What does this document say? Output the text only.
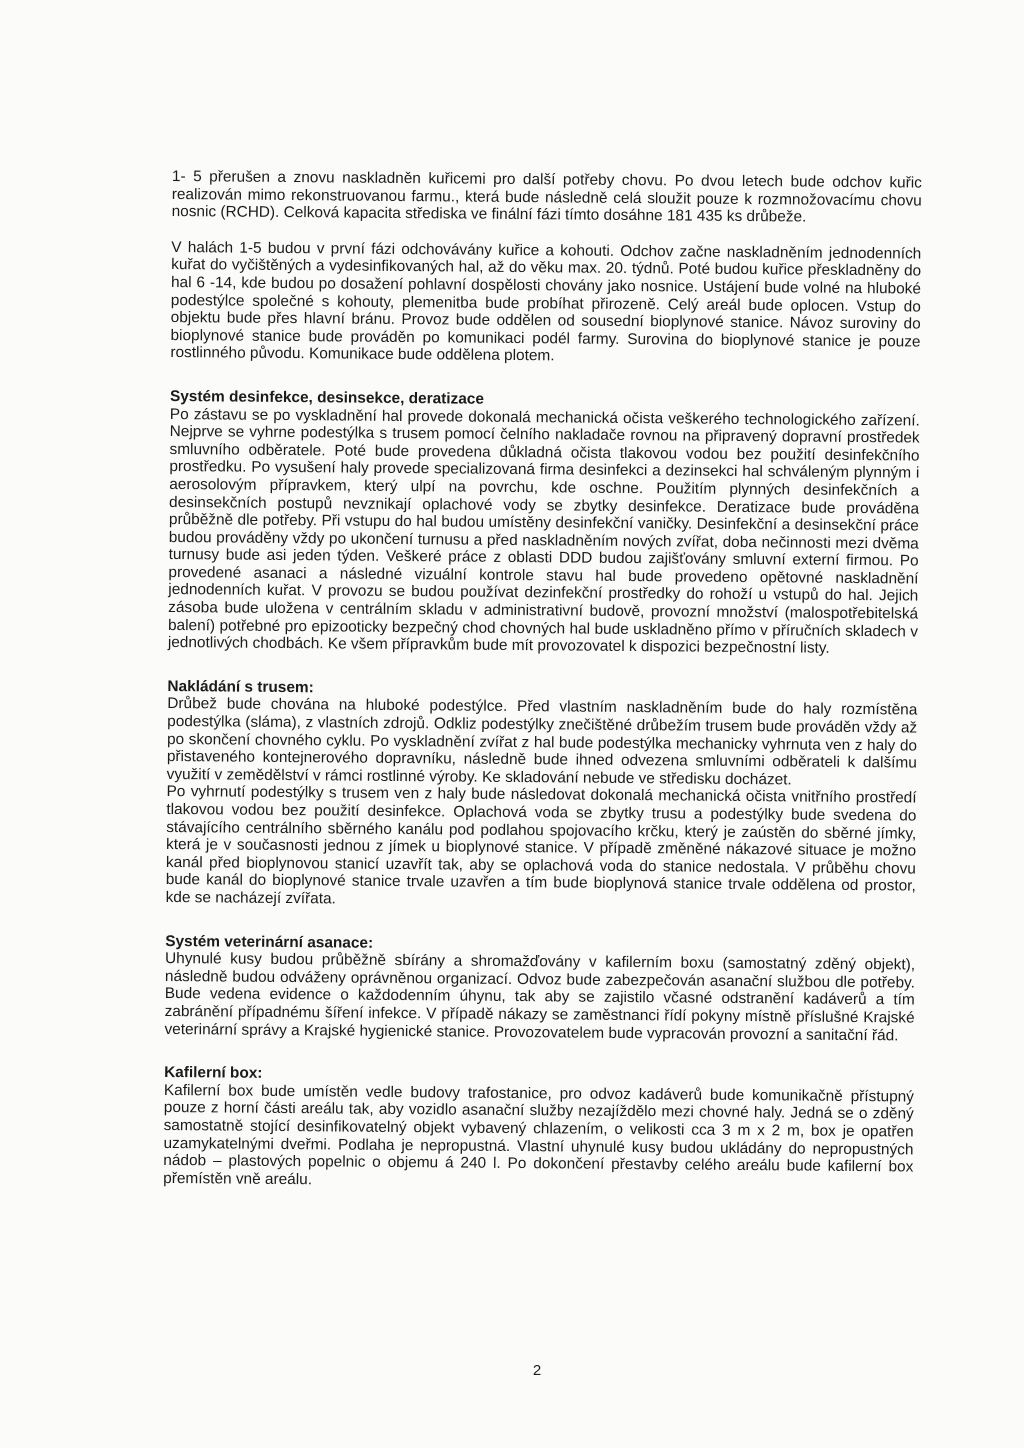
1- 5 přerušen a znovu naskladněn kuřicemi pro další potřeby chovu. Po dvou letech bude odchov kuřic realizován mimo rekonstruovanou farmu., která bude následně celá sloužit pouze k rozmnožovacímu chovu nosnic (RCHD). Celková kapacita střediska ve finální fázi tímto dosáhne 181 435 ks drůbeže.

V halách 1-5 budou v první fázi odchovávány kuřice a kohouti. Odchov začne naskladněním jednodenních kuřat do vyčištěných a vydesinfikovaných hal, až do věku max. 20. týdnů. Poté budou kuřice přeskladněny do hal 6 -14, kde budou po dosažení pohlavní dospělosti chovány jako nosnice. Ustájení bude volné na hluboké podestýlce společné s kohouty, plemenitba bude probíhat přirozeně. Celý areál bude oplocen. Vstup do objektu bude přes hlavní bránu. Provoz bude oddělen od sousední bioplynové stanice. Návoz suroviny do bioplynové stanice bude prováděn po komunikaci podél farmy. Surovina do bioplynové stanice je pouze rostlinného původu. Komunikace bude oddělena plotem.

Systém desinfekce, desinsekce, deratizace

Po zástavu se po vyskladnění hal provede dokonalá mechanická očista veškerého technologického zařízení. Nejprve se vyhrne podestýlka s trusem pomocí čelního nakladače rovnou na připravený dopravní prostředek smluvního odběratele. Poté bude provedena důkladná očista tlakovou vodou bez použití desinfekčního prostředku. Po vysušení haly provede specializovaná firma desinfekci a dezinsekci hal schváleným plynným i aerosolovým přípravkem, který ulpí na povrchu, kde oschne. Použitím plynných desinfekčních a desinsekčních postupů nevznikají oplachové vody se zbytky desinfekce. Deratizace bude prováděna průběžně dle potřeby. Při vstupu do hal budou umístěny desinfekční vaničky. Desinfekční a desinsekční práce budou prováděny vždy po ukončení turnusu a před naskladněním nových zvířat, doba nečinnosti mezi dvěma turnusy bude asi jeden týden. Veškeré práce z oblasti DDD budou zajišťovány smluvní externí firmou. Po provedené asanaci a následné vizuální kontrole stavu hal bude provedeno opětovné naskladnění jednodenních kuřat. V provozu se budou používat dezinfekční prostředky do rohoží u vstupů do hal. Jejich zásoba bude uložena v centrálním skladu v administrativní budově, provozní množství (malospotřebitelská balení) potřebné pro epizooticky bezpečný chod chovných hal bude uskladněno přímo v příručních skladech v jednotlivých chodbách. Ke všem přípravkům bude mít provozovatel k dispozici bezpečnostní listy.

Nakládání s trusem:

Drůbež bude chována na hluboké podestýlce. Před vlastním naskladněním bude do haly rozmístěna podestýlka (sláma), z vlastních zdrojů. Odkliz podestýlky znečištěné drůbežím trusem bude prováděn vždy až po skončení chovného cyklu. Po vyskladnění zvířat z hal bude podestýlka mechanicky vyhrnuta ven z haly do přistaveného kontejnerového dopravníku, následně bude ihned odvezena smluvními odběrateli k dalšímu využití v zemědělství v rámci rostlinné výroby. Ke skladování nebude ve středisku docházet.

Po vyhrnutí podestýlky s trusem ven z haly bude následovat dokonalá mechanická očista vnitřního prostředí tlakovou vodou bez použití desinfekce. Oplachová voda se zbytky trusu a podestýlky bude svedena do stávajícího centrálního sběrného kanálu pod podlahou spojovacího krčku, který je zaústěn do sběrné jímky, která je v současnosti jednou z jímek u bioplynové stanice. V případě změněné nákazové situace je možno kanál před bioplynovou stanicí uzavřít tak, aby se oplachová voda do stanice nedostala. V průběhu chovu bude kanál do bioplynové stanice trvale uzavřen a tím bude bioplynová stanice trvale oddělena od prostor, kde se nacházejí zvířata.

Systém veterinární asanace:

Uhynulé kusy budou průběžně sbírány a shromažďovány v kafilerním boxu (samostatný zděný objekt), následně budou odváženy oprávněnou organizací. Odvoz bude zabezpečován asanační službou dle potřeby. Bude vedena evidence o každodenním úhynu, tak aby se zajistilo včasné odstranění kadáverů a tím zabránění případnému šíření infekce. V případě nákazy se zaměstnanci řídí pokyny místně příslušné Krajské veterinární správy a Krajské hygienické stanice. Provozovatelem bude vypracován provozní a sanitační řád.

Kafilerní box:

Kafilerní box bude umístěn vedle budovy trafostanice, pro odvoz kadáverů bude komunikačně přístupný pouze z horní části areálu tak, aby vozidlo asanační služby nezajíždělo mezi chovné haly. Jedná se o zděný samostatně stojící desinfikovatelný objekt vybavený chlazením, o velikosti cca 3 m x 2 m, box je opatřen uzamykatelnými dveřmi. Podlaha je nepropustná. Vlastní uhynulé kusy budou ukládány do nepropustných nádob – plastových popelnic o objemu á 240 l. Po dokončení přestavby celého areálu bude kafilerní box přemístěn vně areálu.

2
